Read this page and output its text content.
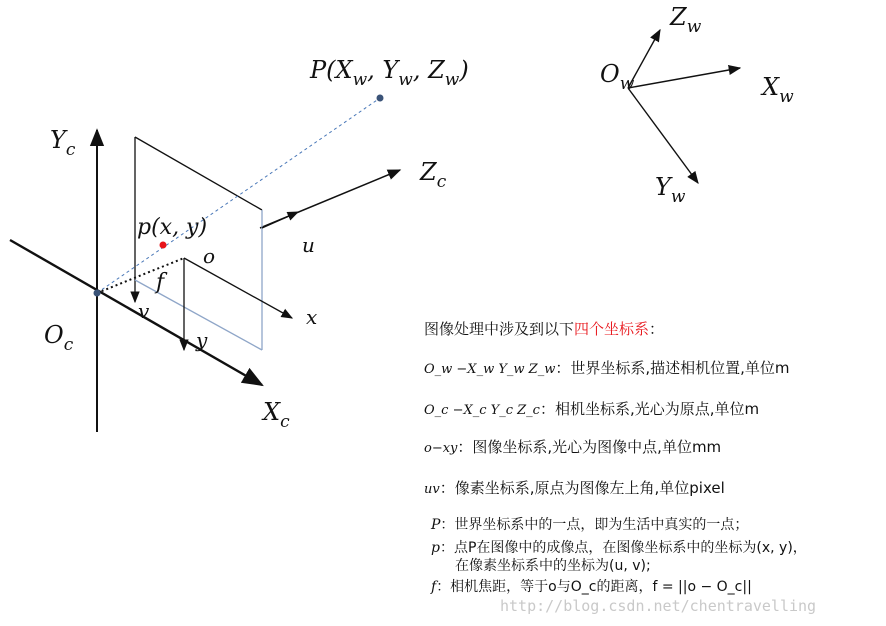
$Y_c$
$O_c$
$X_c$
$Z_c$
$P(X_w$, $Y_w$, $Z_w$)
p(x, y)
u
v
o
x
y
f
$O_w$
$Z_w$
$X_w$
$Y_w$
图像处理中涉及到以下四个坐标系：
O_w −X_w Y_w Z_w：世界坐标系,描述相机位置,单位m
O_c −X_c Y_c Z_c：相机坐标系,光心为原点,单位m
o−xy：图像坐标系,光心为图像中点,单位mm
uv：像素坐标系,原点为图像左上角,单位pixel
P：世界坐标系中的一点，即为生活中真实的一点；
p：点P在图像中的成像点，在图像坐标系中的坐标为(x, y)，
在像素坐标系中的坐标为(u, v);
f：相机焦距，等于o与O_c的距离，f = ||o − O_c||
http://blog.csdn.net/chentravelling
